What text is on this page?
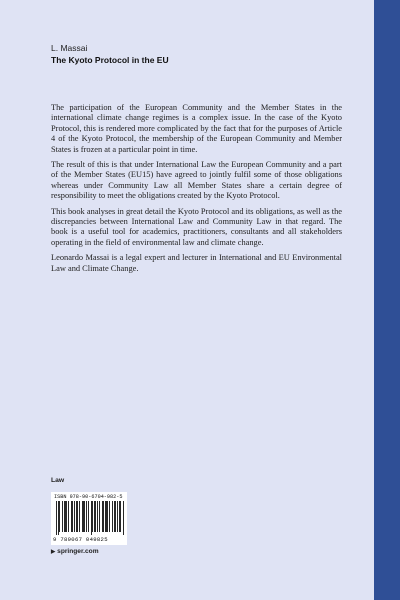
L. Massai
The Kyoto Protocol in the EU

The participation of the European Community and the Member States in the international climate change regimes is a complex issue. In the case of the Kyoto Protocol, this is rendered more complicated by the fact that for the purposes of Article 4 of the Kyoto Protocol, the membership of the European Community and Member States is frozen at a particular point in time.

The result of this is that under International Law the European Community and a part of the Member States (EU15) have agreed to jointly fulfil some of those obligations whereas under Community Law all Member States share a certain degree of responsibility to meet the obligations created by the Kyoto Protocol.

This book analyses in great detail the Kyoto Protocol and its obligations, as well as the discrepancies between International Law and Community Law in that regard. The book is a useful tool for academics, practitioners, consultants and all stakeholders operating in the field of environmental law and climate change.

Leonardo Massai is a legal expert and lecturer in International and EU Environmental Law and Climate Change.

Law
ISBN 978-90-6704-982-5
9 789067 049825
▶ springer.com
